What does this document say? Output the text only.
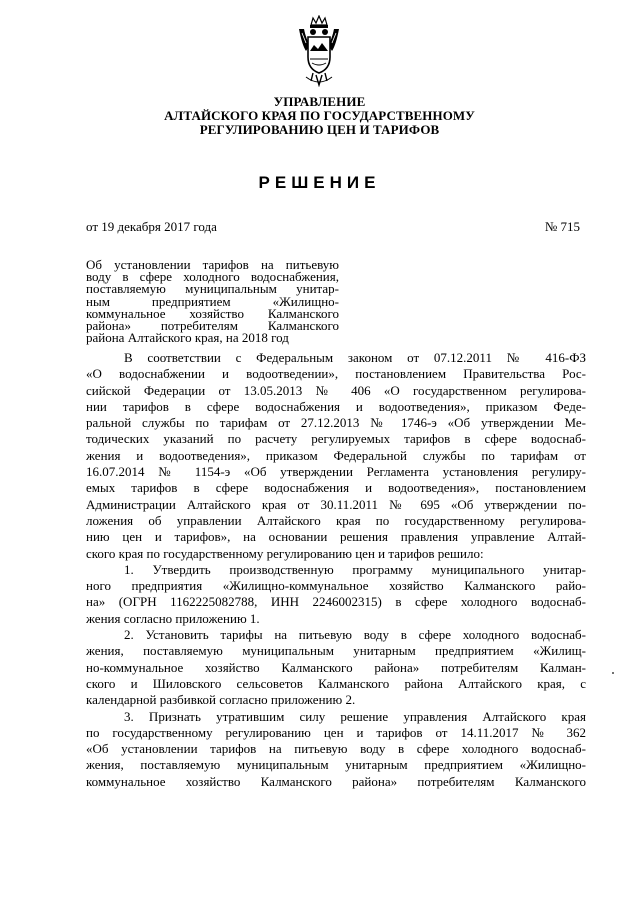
УПРАВЛЕНИЕ
АЛТАЙСКОГО КРАЯ ПО ГОСУДАРСТВЕННОМУ
РЕГУЛИРОВАНИЮ ЦЕН И ТАРИФОВ
РЕШЕНИЕ
от 19 декабря 2017 года	№ 715
Об установлении тарифов на питьевую
воду в сфере холодного водоснабжения,
поставляемую муниципальным унитар-
ным предприятием «Жилищно-
коммунальное хозяйство Калманского
района» потребителям Калманского
района Алтайского края, на 2018 год
В соответствии с Федеральным законом от 07.12.2011 № 416-ФЗ
«О водоснабжении и водоотведении», постановлением Правительства Рос-
сийской Федерации от 13.05.2013 № 406 «О государственном регулирова-
нии тарифов в сфере водоснабжения и водоотведения», приказом Феде-
ральной службы по тарифам от 27.12.2013 № 1746-э «Об утверждении Ме-
тодических указаний по расчету регулируемых тарифов в сфере водоснаб-
жения и водоотведения», приказом Федеральной службы по тарифам от
16.07.2014 № 1154-э «Об утверждении Регламента установления регулиру-
емых тарифов в сфере водоснабжения и водоотведения», постановлением
Администрации Алтайского края от 30.11.2011 № 695 «Об утверждении по-
ложения об управлении Алтайского края по государственному регулирова-
нию цен и тарифов», на основании решения правления управление Алтай-
ского края по государственному регулированию цен и тарифов решило:
1. Утвердить производственную программу муниципального унитар-
ного предприятия «Жилищно-коммунальное хозяйство Калманского райо-
на» (ОГРН 1162225082788, ИНН 2246002315) в сфере холодного водоснаб-
жения согласно приложению 1.
2. Установить тарифы на питьевую воду в сфере холодного водоснаб-
жения, поставляемую муниципальным унитарным предприятием «Жилищ-
но-коммунальное хозяйство Калманского района» потребителям Калман-
ского и Шиловского сельсоветов Калманского района Алтайского края, с
календарной разбивкой согласно приложению 2.
3. Признать утратившим силу решение управления Алтайского края
по государственному регулированию цен и тарифов от 14.11.2017 № 362
«Об установлении тарифов на питьевую воду в сфере холодного водоснаб-
жения, поставляемую муниципальным унитарным предприятием «Жилищно-
коммунальное хозяйство Калманского района» потребителям Калманского
